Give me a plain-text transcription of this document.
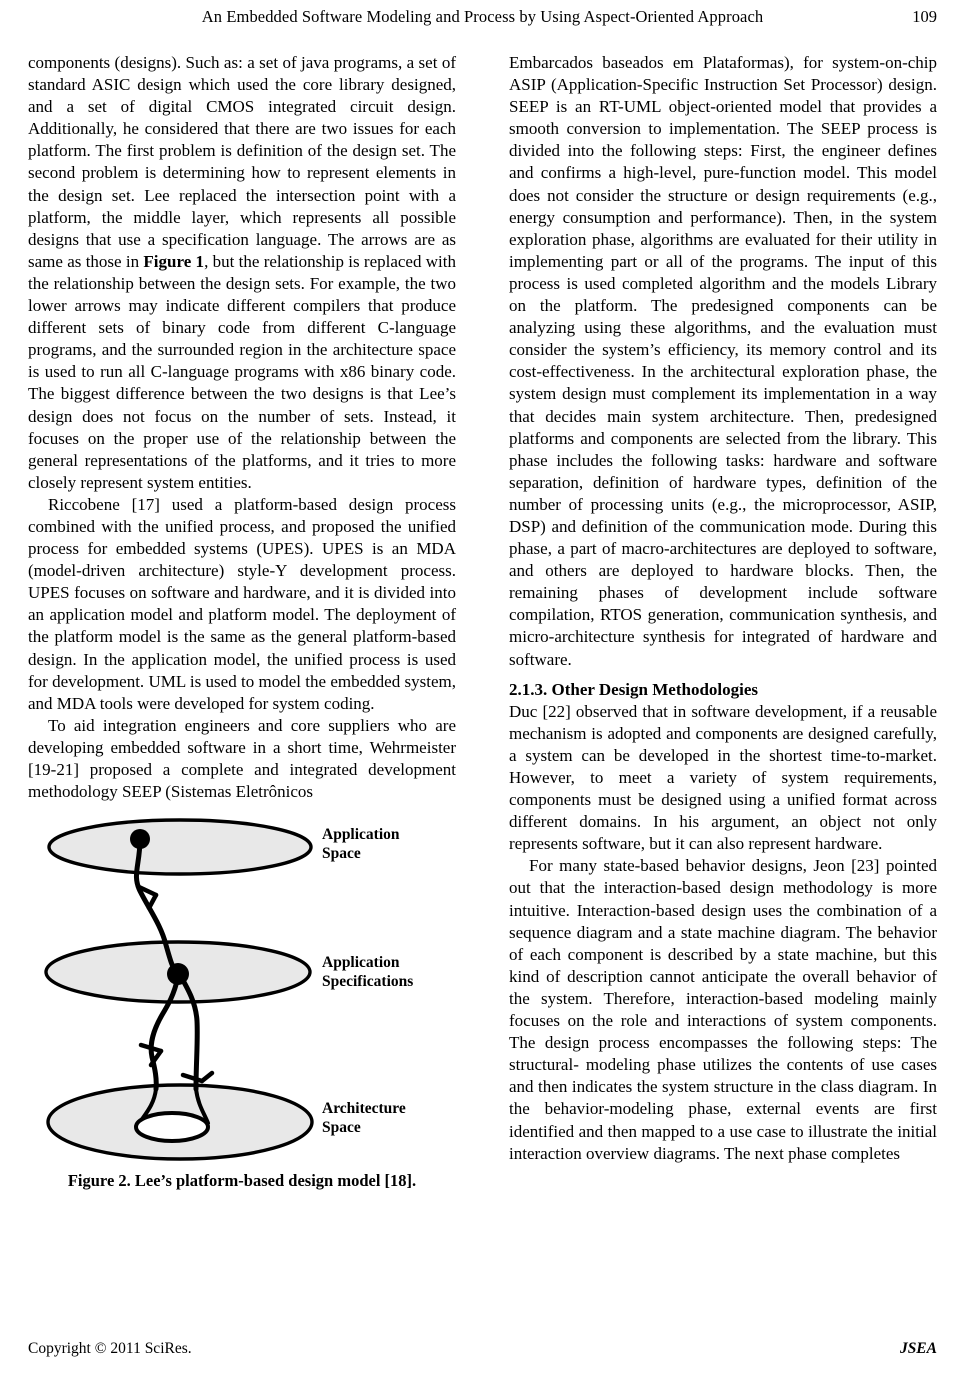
An Embedded Software Modeling and Process by Using Aspect-Oriented Approach	109

components (designs). Such as: a set of java programs, a set of standard ASIC design which used the core library designed, and a set of digital CMOS integrated circuit design. Additionally, he considered that there are two issues for each platform. The first problem is definition of the design set. The second problem is determining how to represent elements in the design set. Lee replaced the intersection point with a platform, the middle layer, which represents all possible designs that use a specification language. The arrows are as same as those in Figure 1, but the relationship is replaced with the relationship between the design sets. For example, the two lower arrows may indicate different compilers that produce different sets of binary code from different C-language programs, and the surrounded region in the architecture space is used to run all C-language programs with x86 binary code. The biggest difference between the two designs is that Lee’s design does not focus on the number of sets. Instead, it focuses on the proper use of the relationship between the general representations of the platforms, and it tries to more closely represent system entities.

Riccobene [17] used a platform-based design process combined with the unified process, and proposed the unified process for embedded systems (UPES). UPES is an MDA (model-driven architecture) style-Y development process. UPES focuses on software and hardware, and it is divided into an application model and platform model. The deployment of the platform model is the same as the general platform-based design. In the application model, the unified process is used for development. UML is used to model the embedded system, and MDA tools were developed for system coding.

To aid integration engineers and core suppliers who are developing embedded software in a short time, Wehrmeister [19-21] proposed a complete and integrated development methodology SEEP (Sistemas Eletrônicos

Application
Space
Application
Specifications
Architecture
Space
Figure 2. Lee’s platform-based design model [18].

Embarcados baseados em Plataformas), for system-on-chip ASIP (Application-Specific Instruction Set Processor) design. SEEP is an RT-UML object-oriented model that provides a smooth conversion to implementation. The SEEP process is divided into the following steps: First, the engineer defines and confirms a high-level, pure-function model. This model does not consider the structure or design requirements (e.g., energy consumption and performance). Then, in the system exploration phase, algorithms are evaluated for their utility in implementing part or all of the programs. The input of this process is used completed algorithm and the models Library on the platform. The predesigned components can be analyzing using these algorithms, and the evaluation must consider the system’s efficiency, its memory control and its cost-effectiveness. In the architectural exploration phase, the system design must complement its implementation in a way that decides main system architecture. Then, predesigned platforms and components are selected from the library. This phase includes the following tasks: hardware and software separation, definition of hardware types, definition of the number of processing units (e.g., the microprocessor, ASIP, DSP) and definition of the communication mode. During this phase, a part of macro-architectures are deployed to software, and others are deployed to hardware blocks. Then, the remaining phases of development include software compilation, RTOS generation, communication synthesis, and micro-architecture synthesis for integrated of hardware and software.

2.1.3. Other Design Methodologies

Duc [22] observed that in software development, if a reusable mechanism is adopted and components are designed carefully, a system can be developed in the shortest time-to-market. However, to meet a variety of system requirements, components must be designed using a unified format across different domains. In his argument, an object not only represents software, but it can also represent hardware.

For many state-based behavior designs, Jeon [23] pointed out that the interaction-based design methodology is more intuitive. Interaction-based design uses the combination of a sequence diagram and a state machine diagram. The behavior of each component is described by a state machine, but this kind of description cannot anticipate the overall behavior of the system. Therefore, interaction-based modeling mainly focuses on the role and interactions of system components. The design process encompasses the following steps: The structural- modeling phase utilizes the contents of use cases and then indicates the system structure in the class diagram. In the behavior-modeling phase, external events are first identified and then mapped to a use case to illustrate the initial interaction overview diagrams. The next phase completes

Copyright © 2011 SciRes.	JSEA
